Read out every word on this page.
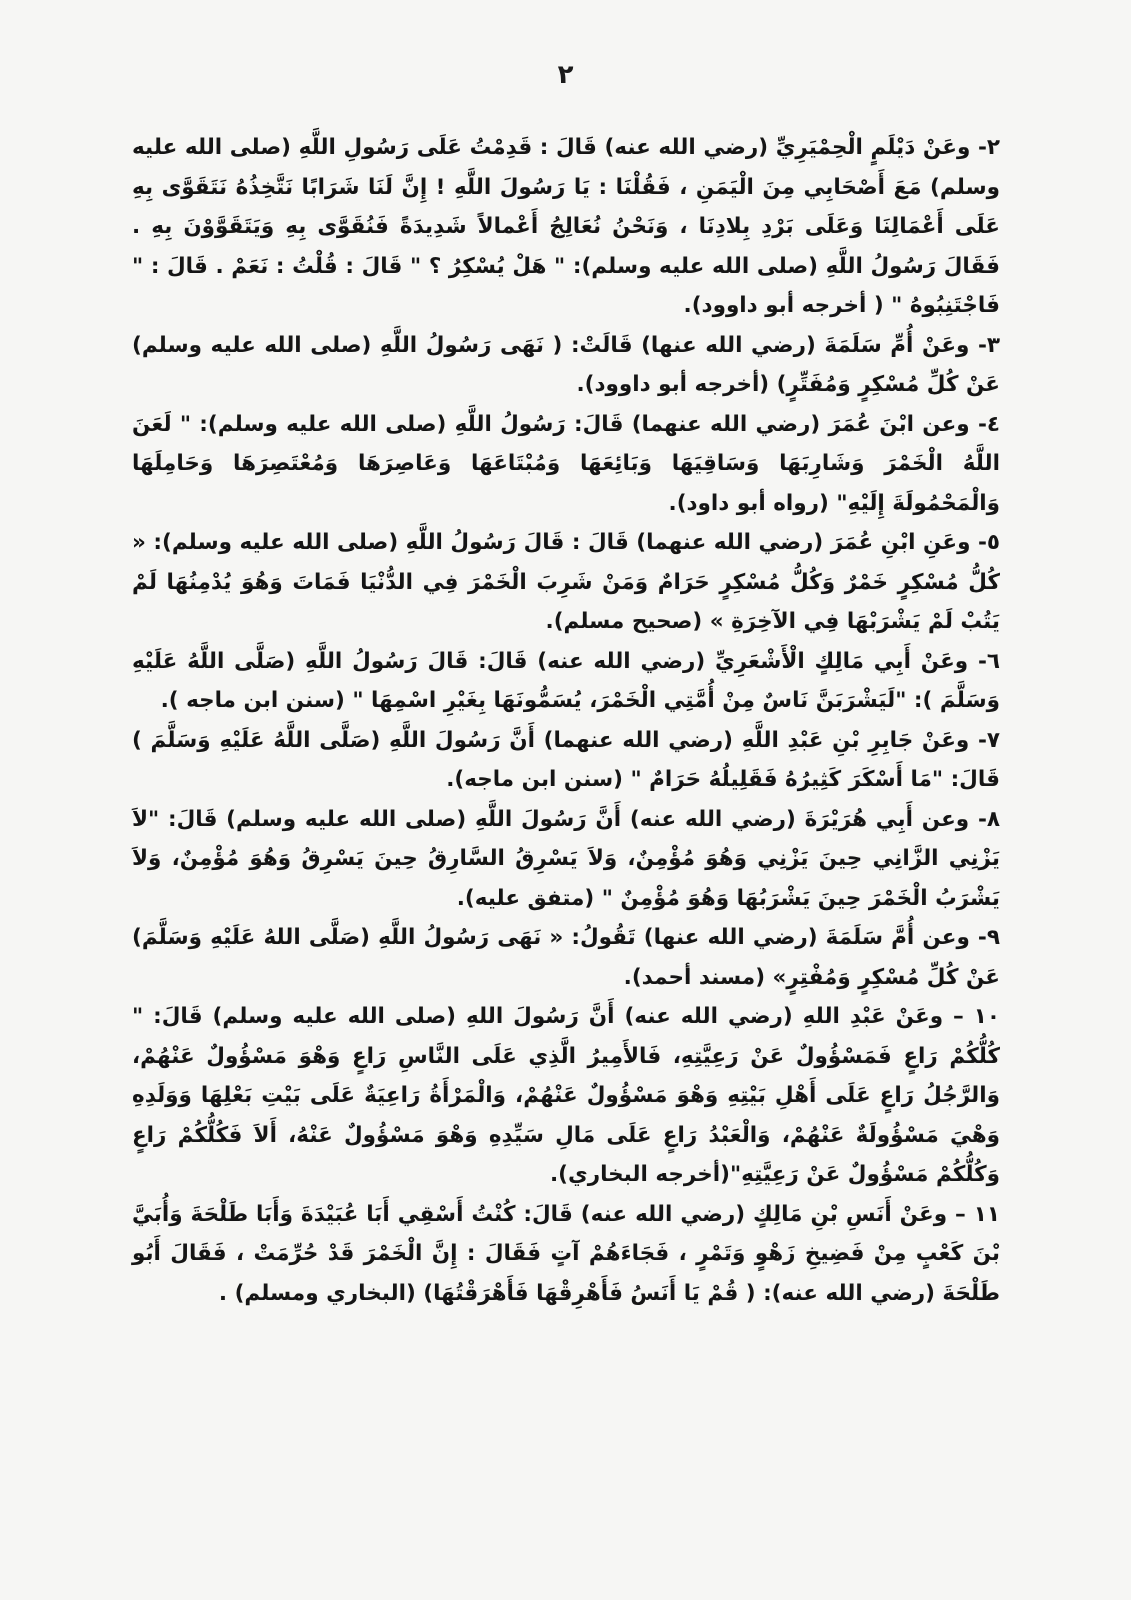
٢

٢- وعَنْ دَيْلَمٍ الْحِمْيَرِيِّ (رضي الله عنه) قَالَ : قَدِمْتُ عَلَى رَسُولِ اللَّهِ (صلى الله عليه وسلم) مَعَ أَصْحَابِي مِنَ الْيَمَنِ ، فَقُلْنَا : يَا رَسُولَ اللَّهِ ! إِنَّ لَنَا شَرَابًا نَتَّخِذُهُ نَتَقَوَّى بِهِ عَلَى أَعْمَالِنَا وَعَلَى بَرْدِ بِلادِنَا ، وَنَحْنُ نُعَالِجُ أَعْمالاً شَدِيدَةً فَنُقَوَّى بِهِ وَيَتَقَوَّوْنَ بِهِ . فَقَالَ رَسُولُ اللَّهِ (صلى الله عليه وسلم): " هَلْ يُسْكِرُ ؟ " قَالَ : قُلْتُ : نَعَمْ . قَالَ : " فَاجْتَنِبُوهُ " ( أخرجه أبو داوود).

٣- وعَنْ أُمِّ سَلَمَةَ (رضي الله عنها) قَالَتْ: ( نَهَى رَسُولُ اللَّهِ (صلى الله عليه وسلم) عَنْ كُلِّ مُسْكِرٍ وَمُفَتِّرٍ) (أخرجه أبو داوود).

٤- وعن ابْنَ عُمَرَ (رضي الله عنهما) قَالَ: رَسُولُ اللَّهِ (صلى الله عليه وسلم): " لَعَنَ اللَّهُ الْخَمْرَ وَشَارِبَهَا وَسَاقِيَهَا وَبَائِعَهَا وَمُبْتَاعَهَا وَعَاصِرَهَا وَمُعْتَصِرَهَا وَحَامِلَهَا وَالْمَحْمُولَةَ إِلَيْهِ" (رواه أبو داود).

٥- وعَنِ ابْنِ عُمَرَ (رضي الله عنهما) قَالَ : قَالَ رَسُولُ اللَّهِ (صلى الله عليه وسلم): « كُلُّ مُسْكِرٍ خَمْرٌ وَكُلُّ مُسْكِرٍ حَرَامٌ وَمَنْ شَرِبَ الْخَمْرَ فِي الدُّنْيَا فَمَاتَ وَهُوَ يُدْمِنُهَا لَمْ يَتُبْ لَمْ يَشْرَبْهَا فِي الآخِرَةِ » (صحيح مسلم).

٦- وعَنْ أَبِي مَالِكٍ الْأَشْعَرِيِّ (رضي الله عنه) قَالَ: قَالَ رَسُولُ اللَّهِ (صَلَّى اللَّهُ عَلَيْهِ وَسَلَّمَ ): "لَيَشْرَبَنَّ نَاسٌ مِنْ أُمَّتِي الْخَمْرَ، يُسَمُّونَهَا بِغَيْرِ اسْمِهَا " (سنن ابن ماجه ).

٧- وعَنْ جَابِرِ بْنِ عَبْدِ اللَّهِ (رضي الله عنهما) أَنَّ رَسُولَ اللَّهِ (صَلَّى اللَّهُ عَلَيْهِ وَسَلَّمَ ) قَالَ: "مَا أَسْكَرَ كَثِيرُهُ فَقَلِيلُهُ حَرَامٌ " (سنن ابن ماجه).

٨- وعن أَبِي هُرَيْرَةَ (رضي الله عنه) أَنَّ رَسُولَ اللَّهِ (صلى الله عليه وسلم) قَالَ: "لاَ يَزْنِي الزَّانِي حِينَ يَزْنِي وَهُوَ مُؤْمِنٌ، وَلاَ يَسْرِقُ السَّارِقُ حِينَ يَسْرِقُ وَهُوَ مُؤْمِنٌ، وَلاَ يَشْرَبُ الْخَمْرَ حِينَ يَشْرَبُهَا وَهُوَ مُؤْمِنٌ " (متفق عليه).

٩- وعن أُمَّ سَلَمَةَ (رضي الله عنها) تَقُولُ: « نَهَى رَسُولُ اللَّهِ (صَلَّى اللهُ عَلَيْهِ وَسَلَّمَ) عَنْ كُلِّ مُسْكِرٍ وَمُفْتِرٍ» (مسند أحمد).

١٠ – وعَنْ عَبْدِ اللهِ (رضي الله عنه) أَنَّ رَسُولَ اللهِ (صلى الله عليه وسلم) قَالَ: " كُلُّكُمْ رَاعٍ فَمَسْؤُولٌ عَنْ رَعِيَّتِهِ، فَالأَمِيرُ الَّذِي عَلَى النَّاسِ رَاعٍ وَهْوَ مَسْؤُولٌ عَنْهُمْ، وَالرَّجُلُ رَاعٍ عَلَى أَهْلِ بَيْتِهِ وَهْوَ مَسْؤُولٌ عَنْهُمْ، وَالْمَرْأَةُ رَاعِيَةٌ عَلَى بَيْتِ بَعْلِهَا وَوَلَدِهِ وَهْيَ مَسْؤُولَةٌ عَنْهُمْ، وَالْعَبْدُ رَاعٍ عَلَى مَالِ سَيِّدِهِ وَهْوَ مَسْؤُولٌ عَنْهُ، أَلاَ فَكُلُّكُمْ رَاعٍ وَكُلُّكُمْ مَسْؤُولٌ عَنْ رَعِيَّتِهِ"(أخرجه البخاري).

١١ – وعَنْ أَنَسِ بْنِ مَالِكٍ (رضي الله عنه) قَالَ: كُنْتُ أَسْقِي أَبَا عُبَيْدَةَ وَأَبَا طَلْحَةَ وَأُبَيَّ بْنَ كَعْبٍ مِنْ فَضِيخِ زَهْوٍ وَتَمْرٍ ، فَجَاءَهُمْ آتٍ فَقَالَ : إِنَّ الْخَمْرَ قَدْ حُرِّمَتْ ، فَقَالَ أَبُو طَلْحَةَ (رضي الله عنه): ( قُمْ يَا أَنَسُ فَأَهْرِقْهَا فَأَهْرَقْتُهَا) (البخاري ومسلم) .
